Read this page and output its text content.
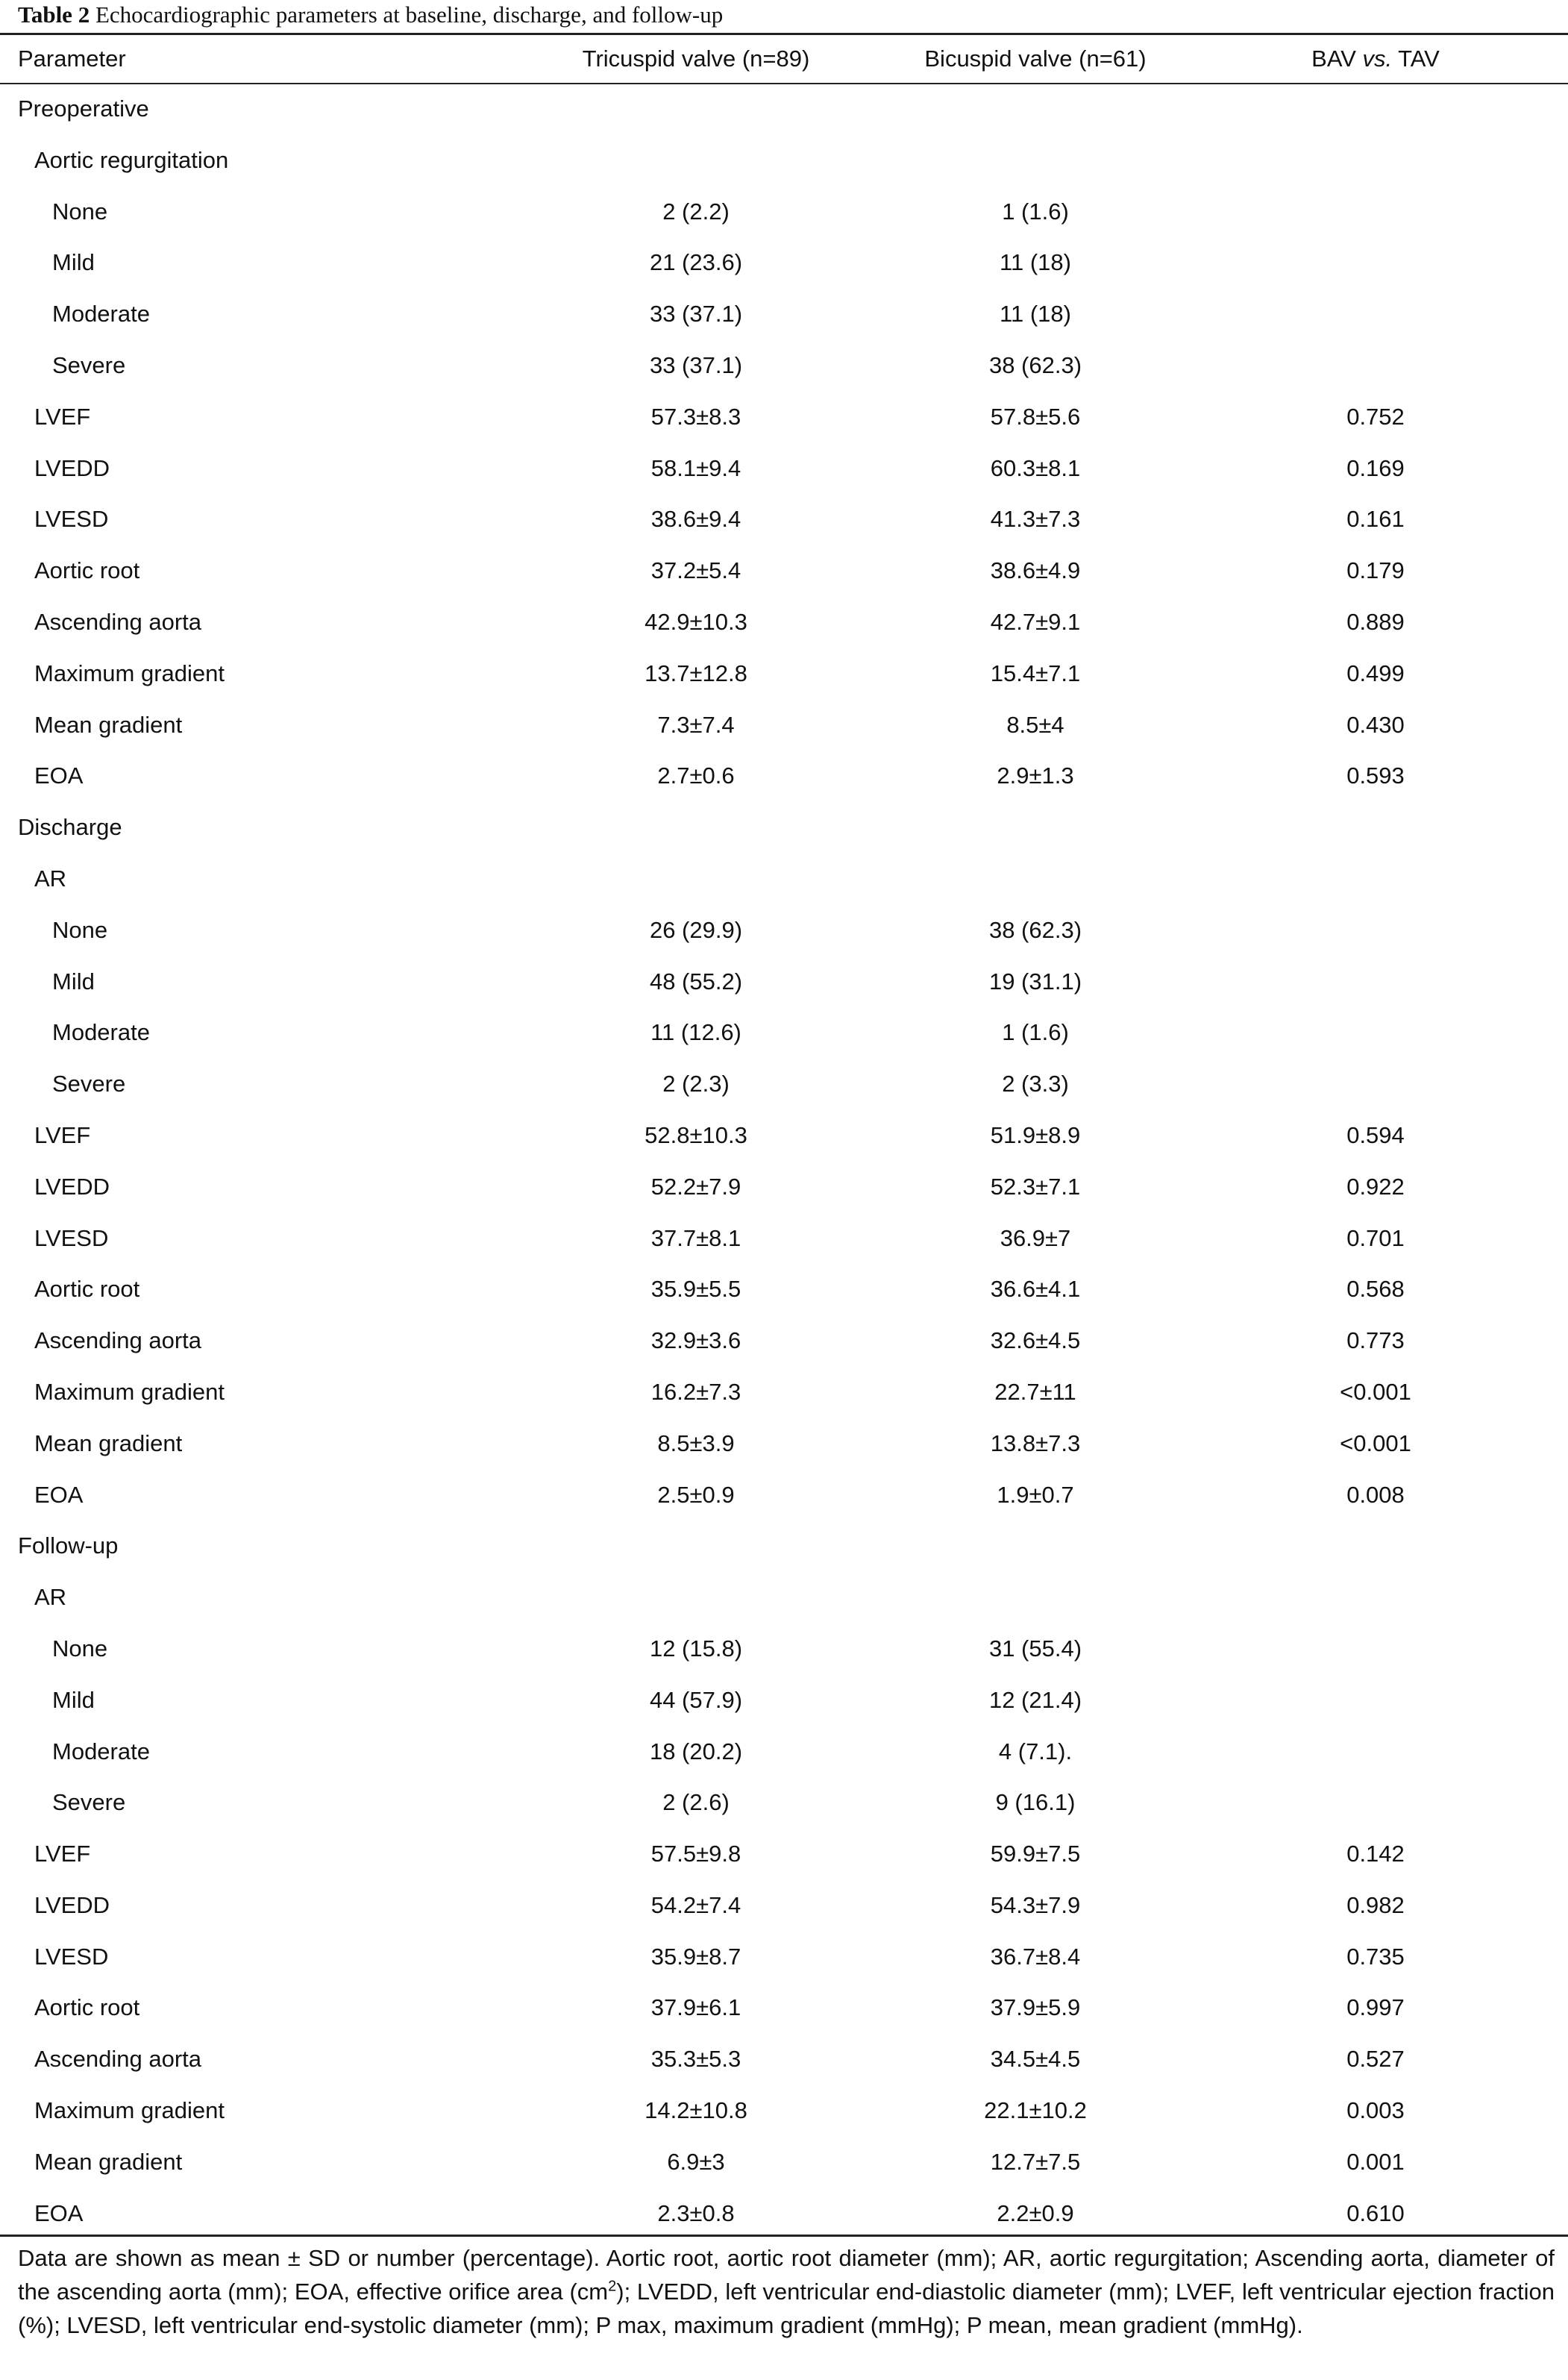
Table 2 Echocardiographic parameters at baseline, discharge, and follow-up
Parameter	Tricuspid valve (n=89)	Bicuspid valve (n=61)	BAV vs. TAV
Preoperative
Aortic regurgitation
None	2 (2.2)	1 (1.6)
Mild	21 (23.6)	11 (18)
Moderate	33 (37.1)	11 (18)
Severe	33 (37.1)	38 (62.3)
LVEF	57.3±8.3	57.8±5.6	0.752
LVEDD	58.1±9.4	60.3±8.1	0.169
LVESD	38.6±9.4	41.3±7.3	0.161
Aortic root	37.2±5.4	38.6±4.9	0.179
Ascending aorta	42.9±10.3	42.7±9.1	0.889
Maximum gradient	13.7±12.8	15.4±7.1	0.499
Mean gradient	7.3±7.4	8.5±4	0.430
EOA	2.7±0.6	2.9±1.3	0.593
Discharge
AR
None	26 (29.9)	38 (62.3)
Mild	48 (55.2)	19 (31.1)
Moderate	11 (12.6)	1 (1.6)
Severe	2 (2.3)	2 (3.3)
LVEF	52.8±10.3	51.9±8.9	0.594
LVEDD	52.2±7.9	52.3±7.1	0.922
LVESD	37.7±8.1	36.9±7	0.701
Aortic root	35.9±5.5	36.6±4.1	0.568
Ascending aorta	32.9±3.6	32.6±4.5	0.773
Maximum gradient	16.2±7.3	22.7±11	<0.001
Mean gradient	8.5±3.9	13.8±7.3	<0.001
EOA	2.5±0.9	1.9±0.7	0.008
Follow-up
AR
None	12 (15.8)	31 (55.4)
Mild	44 (57.9)	12 (21.4)
Moderate	18 (20.2)	4 (7.1).
Severe	2 (2.6)	9 (16.1)
LVEF	57.5±9.8	59.9±7.5	0.142
LVEDD	54.2±7.4	54.3±7.9	0.982
LVESD	35.9±8.7	36.7±8.4	0.735
Aortic root	37.9±6.1	37.9±5.9	0.997
Ascending aorta	35.3±5.3	34.5±4.5	0.527
Maximum gradient	14.2±10.8	22.1±10.2	0.003
Mean gradient	6.9±3	12.7±7.5	0.001
EOA	2.3±0.8	2.2±0.9	0.610
Data are shown as mean ± SD or number (percentage). Aortic root, aortic root diameter (mm); AR, aortic regurgitation; Ascending aorta, diameter of the ascending aorta (mm); EOA, effective orifice area $(cm^2)$; LVEDD, left ventricular end-diastolic diameter (mm); LVEF, left ventricular ejection fraction (%); LVESD, left ventricular end-systolic diameter (mm); P max, maximum gradient (mmHg); P mean, mean gradient (mmHg).
